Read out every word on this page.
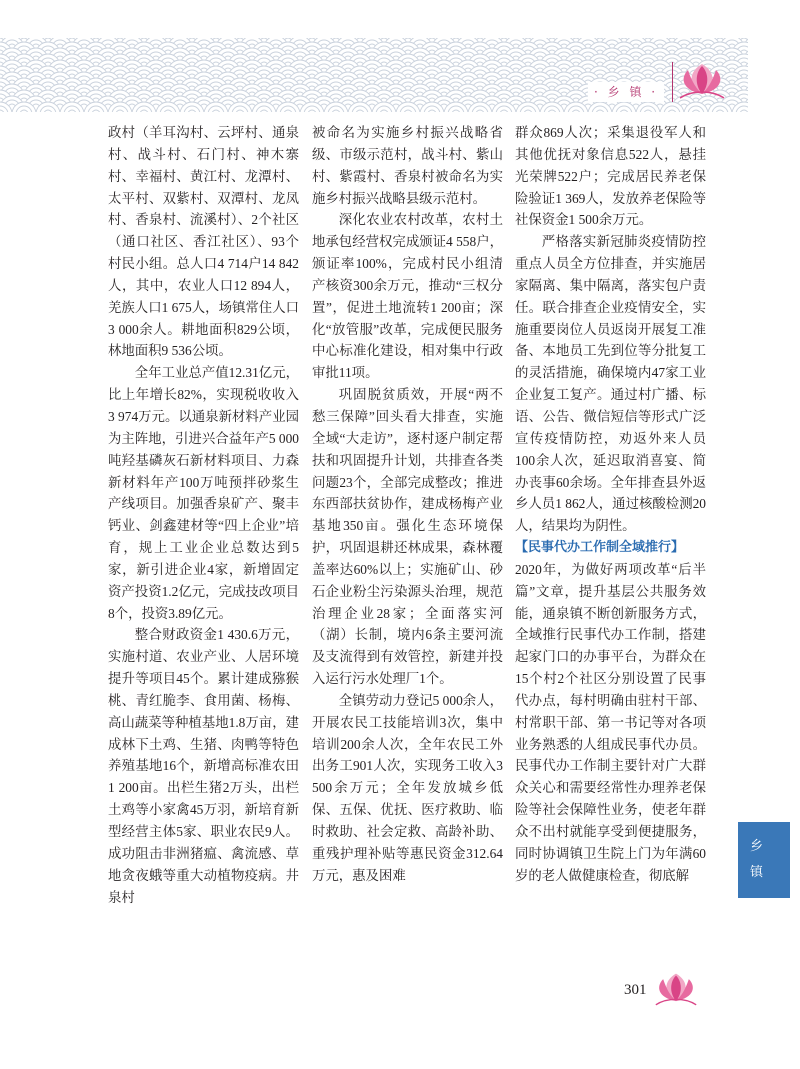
· 乡 镇 ·

政村（羊耳沟村、云坪村、通泉村、战斗村、石门村、神木寨村、幸福村、黄江村、龙潭村、太平村、双紫村、双潭村、龙凤村、香泉村、流溪村）、2个社区（通口社区、香江社区）、93个村民小组。总人口4 714户14 842人，其中，农业人口12 894人，羌族人口1 675人，场镇常住人口3 000余人。耕地面积829公顷，林地面积9 536公顷。

全年工业总产值12.31亿元，比上年增长82%，实现税收收入3 974万元。以通泉新材料产业园为主阵地，引进兴合益年产5 000吨羟基磷灰石新材料项目、力森新材料年产100万吨预拌砂浆生产线项目。加强香泉矿产、聚丰钙业、剑鑫建材等“四上企业”培育，规上工业企业总数达到5家，新引进企业4家，新增固定资产投资1.2亿元，完成技改项目8个，投资3.89亿元。

整合财政资金1 430.6万元，实施村道、农业产业、人居环境提升等项目45个。累计建成猕猴桃、青红脆李、食用菌、杨梅、高山蔬菜等种植基地1.8万亩，建成林下土鸡、生猪、肉鸭等特色养殖基地16个，新增高标准农田1 200亩。出栏生猪2万头，出栏土鸡等小家禽45万羽，新培育新型经营主体5家、职业农民9人。成功阻击非洲猪瘟、禽流感、草地贪夜蛾等重大动植物疫病。井泉村

被命名为实施乡村振兴战略省级、市级示范村，战斗村、紫山村、紫霞村、香泉村被命名为实施乡村振兴战略县级示范村。

深化农业农村改革，农村土地承包经营权完成颁证4 558户，颁证率100%，完成村民小组清产核资300余万元，推动“三权分置”，促进土地流转1 200亩；深化“放管服”改革，完成便民服务中心标准化建设，相对集中行政审批11项。

巩固脱贫质效，开展“两不愁三保障”回头看大排查，实施全域“大走访”，逐村逐户制定帮扶和巩固提升计划，共排查各类问题23个，全部完成整改；推进东西部扶贫协作，建成杨梅产业基地350亩。强化生态环境保护，巩固退耕还林成果，森林覆盖率达60%以上；实施矿山、砂石企业粉尘污染源头治理，规范治理企业28家；全面落实河（湖）长制，境内6条主要河流及支流得到有效管控，新建并投入运行污水处理厂1个。

全镇劳动力登记5 000余人，开展农民工技能培训3次，集中培训200余人次，全年农民工外出务工901人次，实现务工收入3 500余万元；全年发放城乡低保、五保、优抚、医疗救助、临时救助、社会定救、高龄补助、重残护理补贴等惠民资金312.64万元，惠及困难

群众869人次；采集退役军人和其他优抚对象信息522人，悬挂光荣牌522户；完成居民养老保险验证1 369人，发放养老保险等社保资金1 500余万元。

严格落实新冠肺炎疫情防控重点人员全方位排查，并实施居家隔离、集中隔离，落实包户责任。联合排查企业疫情安全，实施重要岗位人员返岗开展复工准备、本地员工先到位等分批复工的灵活措施，确保境内47家工业企业复工复产。通过村广播、标语、公告、微信短信等形式广泛宣传疫情防控，劝返外来人员100余人次，延迟取消喜宴、简办丧事60余场。全年排查县外返乡人员1 862人，通过核酸检测20人，结果均为阴性。

【民事代办工作制全域推行】

2020年，为做好两项改革“后半篇”文章，提升基层公共服务效能，通泉镇不断创新服务方式，全域推行民事代办工作制，搭建起家门口的办事平台，为群众在15个村2个社区分别设置了民事代办点，每村明确由驻村干部、村常职干部、第一书记等对各项业务熟悉的人组成民事代办员。民事代办工作制主要针对广大群众关心和需要经常性办理养老保险等社会保障性业务，使老年群众不出村就能享受到便捷服务，同时协调镇卫生院上门为年满60岁的老人做健康检查，彻底解

乡
镇
301
